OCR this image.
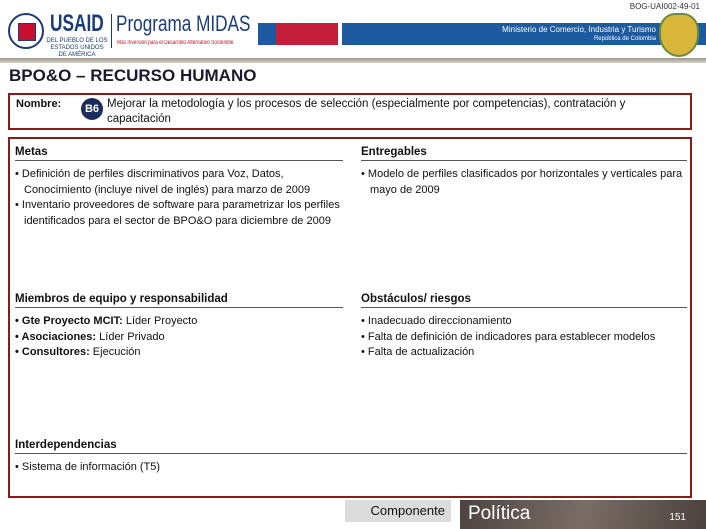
USAID
DEL PUEBLO DE LOS ESTADOS UNIDOS DE AMÉRICA
Programa MIDAS
Más Inversión para el Desarrollo Alternativo Sostenible
Ministerio de Comercio, Industria y Turismo
República de Colombia
BOG-UAI002-49-01
BPO&O – RECURSO HUMANO
Nombre:	B6 Mejorar la metodología y los procesos de selección (especialmente por competencias), contratación y capacitación
Metas
• Definición de perfiles discriminativos para Voz, Datos, Conocimiento (incluye nivel de inglés) para marzo de 2009
• Inventario proveedores de software para parametrizar los perfiles identificados para el sector de BPO&O para diciembre de 2009
Entregables
• Modelo de perfiles clasificados por horizontales y verticales para mayo de 2009
Miembros de equipo y responsabilidad
• Gte Proyecto MCIT: Líder Proyecto
• Asociaciones: Líder Privado
• Consultores: Ejecución
Obstáculos/ riesgos
• Inadecuado direccionamiento
• Falta de definición de indicadores para establecer modelos
• Falta de actualización
Interdependencias
• Sistema de información (T5)
Componente	Política	151
